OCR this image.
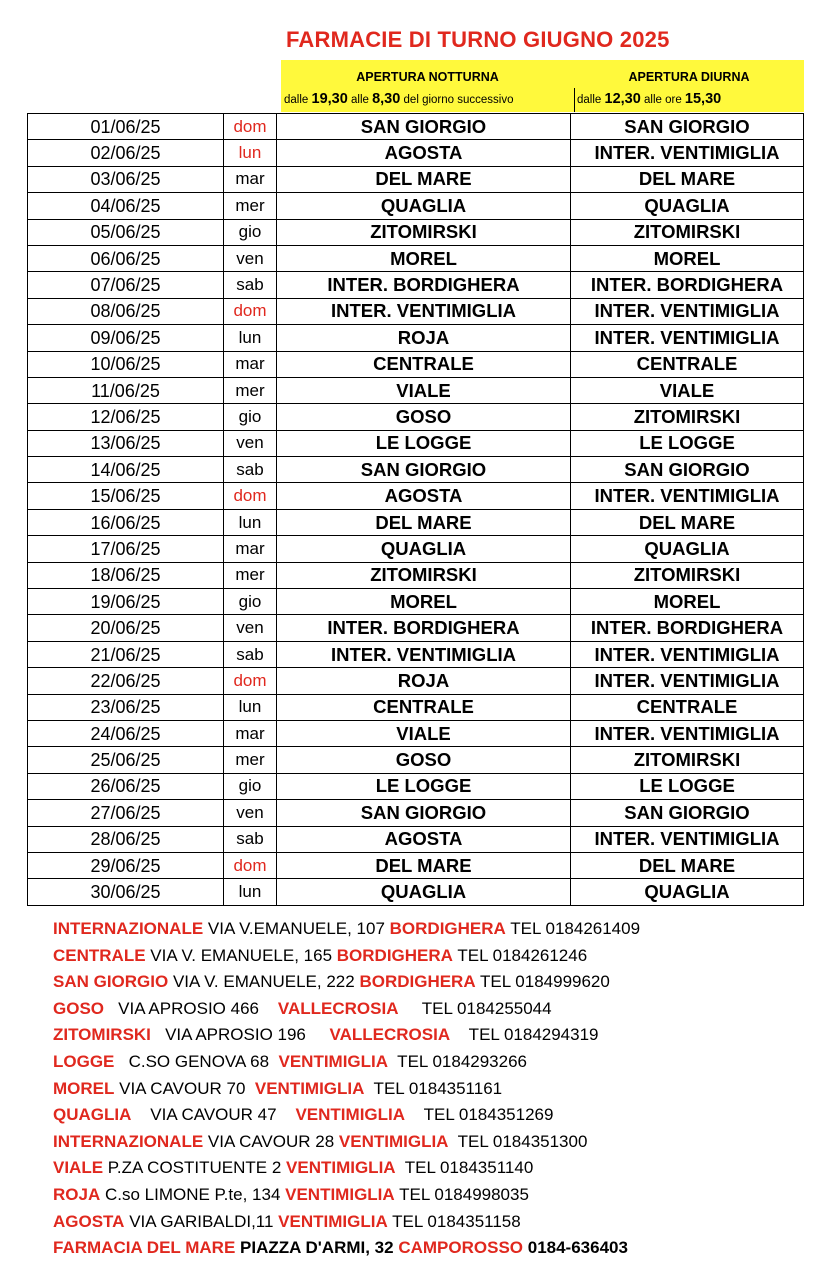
FARMACIE DI TURNO GIUGNO 2025
APERTURA NOTTURNA
dalle 19,30 alle 8,30 del giorno successivo
APERTURA DIURNA
dalle 12,30 alle ore 15,30
01/06/25	dom	SAN GIORGIO	SAN GIORGIO
02/06/25	lun	AGOSTA	INTER. VENTIMIGLIA
03/06/25	mar	DEL MARE	DEL MARE
04/06/25	mer	QUAGLIA	QUAGLIA
05/06/25	gio	ZITOMIRSKI	ZITOMIRSKI
06/06/25	ven	MOREL	MOREL
07/06/25	sab	INTER. BORDIGHERA	INTER. BORDIGHERA
08/06/25	dom	INTER. VENTIMIGLIA	INTER. VENTIMIGLIA
09/06/25	lun	ROJA	INTER. VENTIMIGLIA
10/06/25	mar	CENTRALE	CENTRALE
11/06/25	mer	VIALE	VIALE
12/06/25	gio	GOSO	ZITOMIRSKI
13/06/25	ven	LE LOGGE	LE LOGGE
14/06/25	sab	SAN GIORGIO	SAN GIORGIO
15/06/25	dom	AGOSTA	INTER. VENTIMIGLIA
16/06/25	lun	DEL MARE	DEL MARE
17/06/25	mar	QUAGLIA	QUAGLIA
18/06/25	mer	ZITOMIRSKI	ZITOMIRSKI
19/06/25	gio	MOREL	MOREL
20/06/25	ven	INTER. BORDIGHERA	INTER. BORDIGHERA
21/06/25	sab	INTER. VENTIMIGLIA	INTER. VENTIMIGLIA
22/06/25	dom	ROJA	INTER. VENTIMIGLIA
23/06/25	lun	CENTRALE	CENTRALE
24/06/25	mar	VIALE	INTER. VENTIMIGLIA
25/06/25	mer	GOSO	ZITOMIRSKI
26/06/25	gio	LE LOGGE	LE LOGGE
27/06/25	ven	SAN GIORGIO	SAN GIORGIO
28/06/25	sab	AGOSTA	INTER. VENTIMIGLIA
29/06/25	dom	DEL MARE	DEL MARE
30/06/25	lun	QUAGLIA	QUAGLIA
INTERNAZIONALE VIA V.EMANUELE, 107 BORDIGHERA TEL 0184261409
CENTRALE VIA V. EMANUELE, 165 BORDIGHERA TEL 0184261246
SAN GIORGIO VIA V. EMANUELE, 222 BORDIGHERA TEL 0184999620
GOSO   VIA APROSIO 466    VALLECROSIA     TEL 0184255044
ZITOMIRSKI   VIA APROSIO 196     VALLECROSIA    TEL 0184294319
LOGGE   C.SO GENOVA 68  VENTIMIGLIA  TEL 0184293266
MOREL VIA CAVOUR 70  VENTIMIGLIA  TEL 0184351161
QUAGLIA    VIA CAVOUR 47    VENTIMIGLIA    TEL 0184351269
INTERNAZIONALE VIA CAVOUR 28 VENTIMIGLIA  TEL 0184351300
VIALE P.ZA COSTITUENTE 2 VENTIMIGLIA  TEL 0184351140
ROJA C.so LIMONE P.te, 134 VENTIMIGLIA TEL 0184998035
AGOSTA VIA GARIBALDI,11 VENTIMIGLIA TEL 0184351158
FARMACIA DEL MARE PIAZZA D'ARMI, 32 CAMPOROSSO 0184-636403
